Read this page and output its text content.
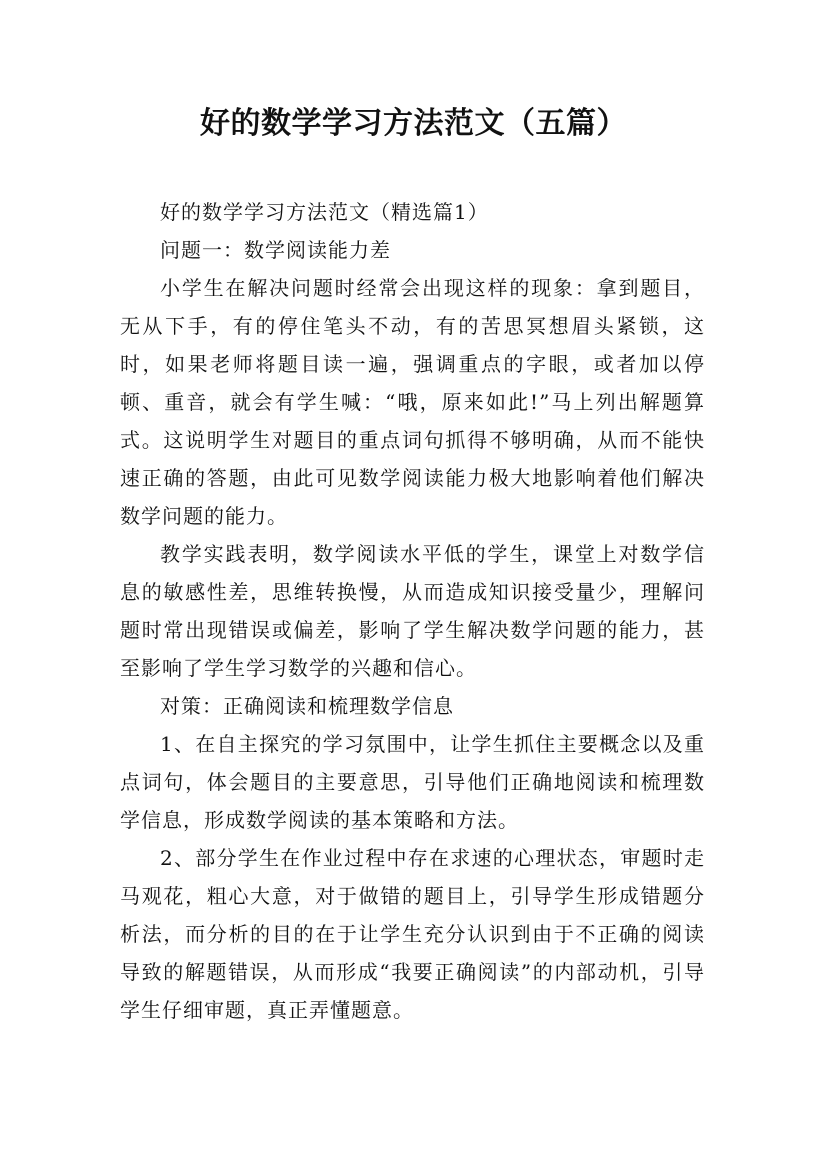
好的数学学习方法范文（五篇）

好的数学学习方法范文（精选篇1）

问题一：数学阅读能力差

小学生在解决问题时经常会出现这样的现象：拿到题目，无从下手，有的停住笔头不动，有的苦思冥想眉头紧锁，这时，如果老师将题目读一遍，强调重点的字眼，或者加以停顿、重音，就会有学生喊：“哦，原来如此!”马上列出解题算式。这说明学生对题目的重点词句抓得不够明确，从而不能快速正确的答题，由此可见数学阅读能力极大地影响着他们解决数学问题的能力。

教学实践表明，数学阅读水平低的学生，课堂上对数学信息的敏感性差，思维转换慢，从而造成知识接受量少，理解问题时常出现错误或偏差，影响了学生解决数学问题的能力，甚至影响了学生学习数学的兴趣和信心。

对策：正确阅读和梳理数学信息

1、在自主探究的学习氛围中，让学生抓住主要概念以及重点词句，体会题目的主要意思，引导他们正确地阅读和梳理数学信息，形成数学阅读的基本策略和方法。

2、部分学生在作业过程中存在求速的心理状态，审题时走马观花，粗心大意，对于做错的题目上，引导学生形成错题分析法，而分析的目的在于让学生充分认识到由于不正确的阅读导致的解题错误，从而形成“我要正确阅读”的内部动机，引导学生仔细审题，真正弄懂题意。
